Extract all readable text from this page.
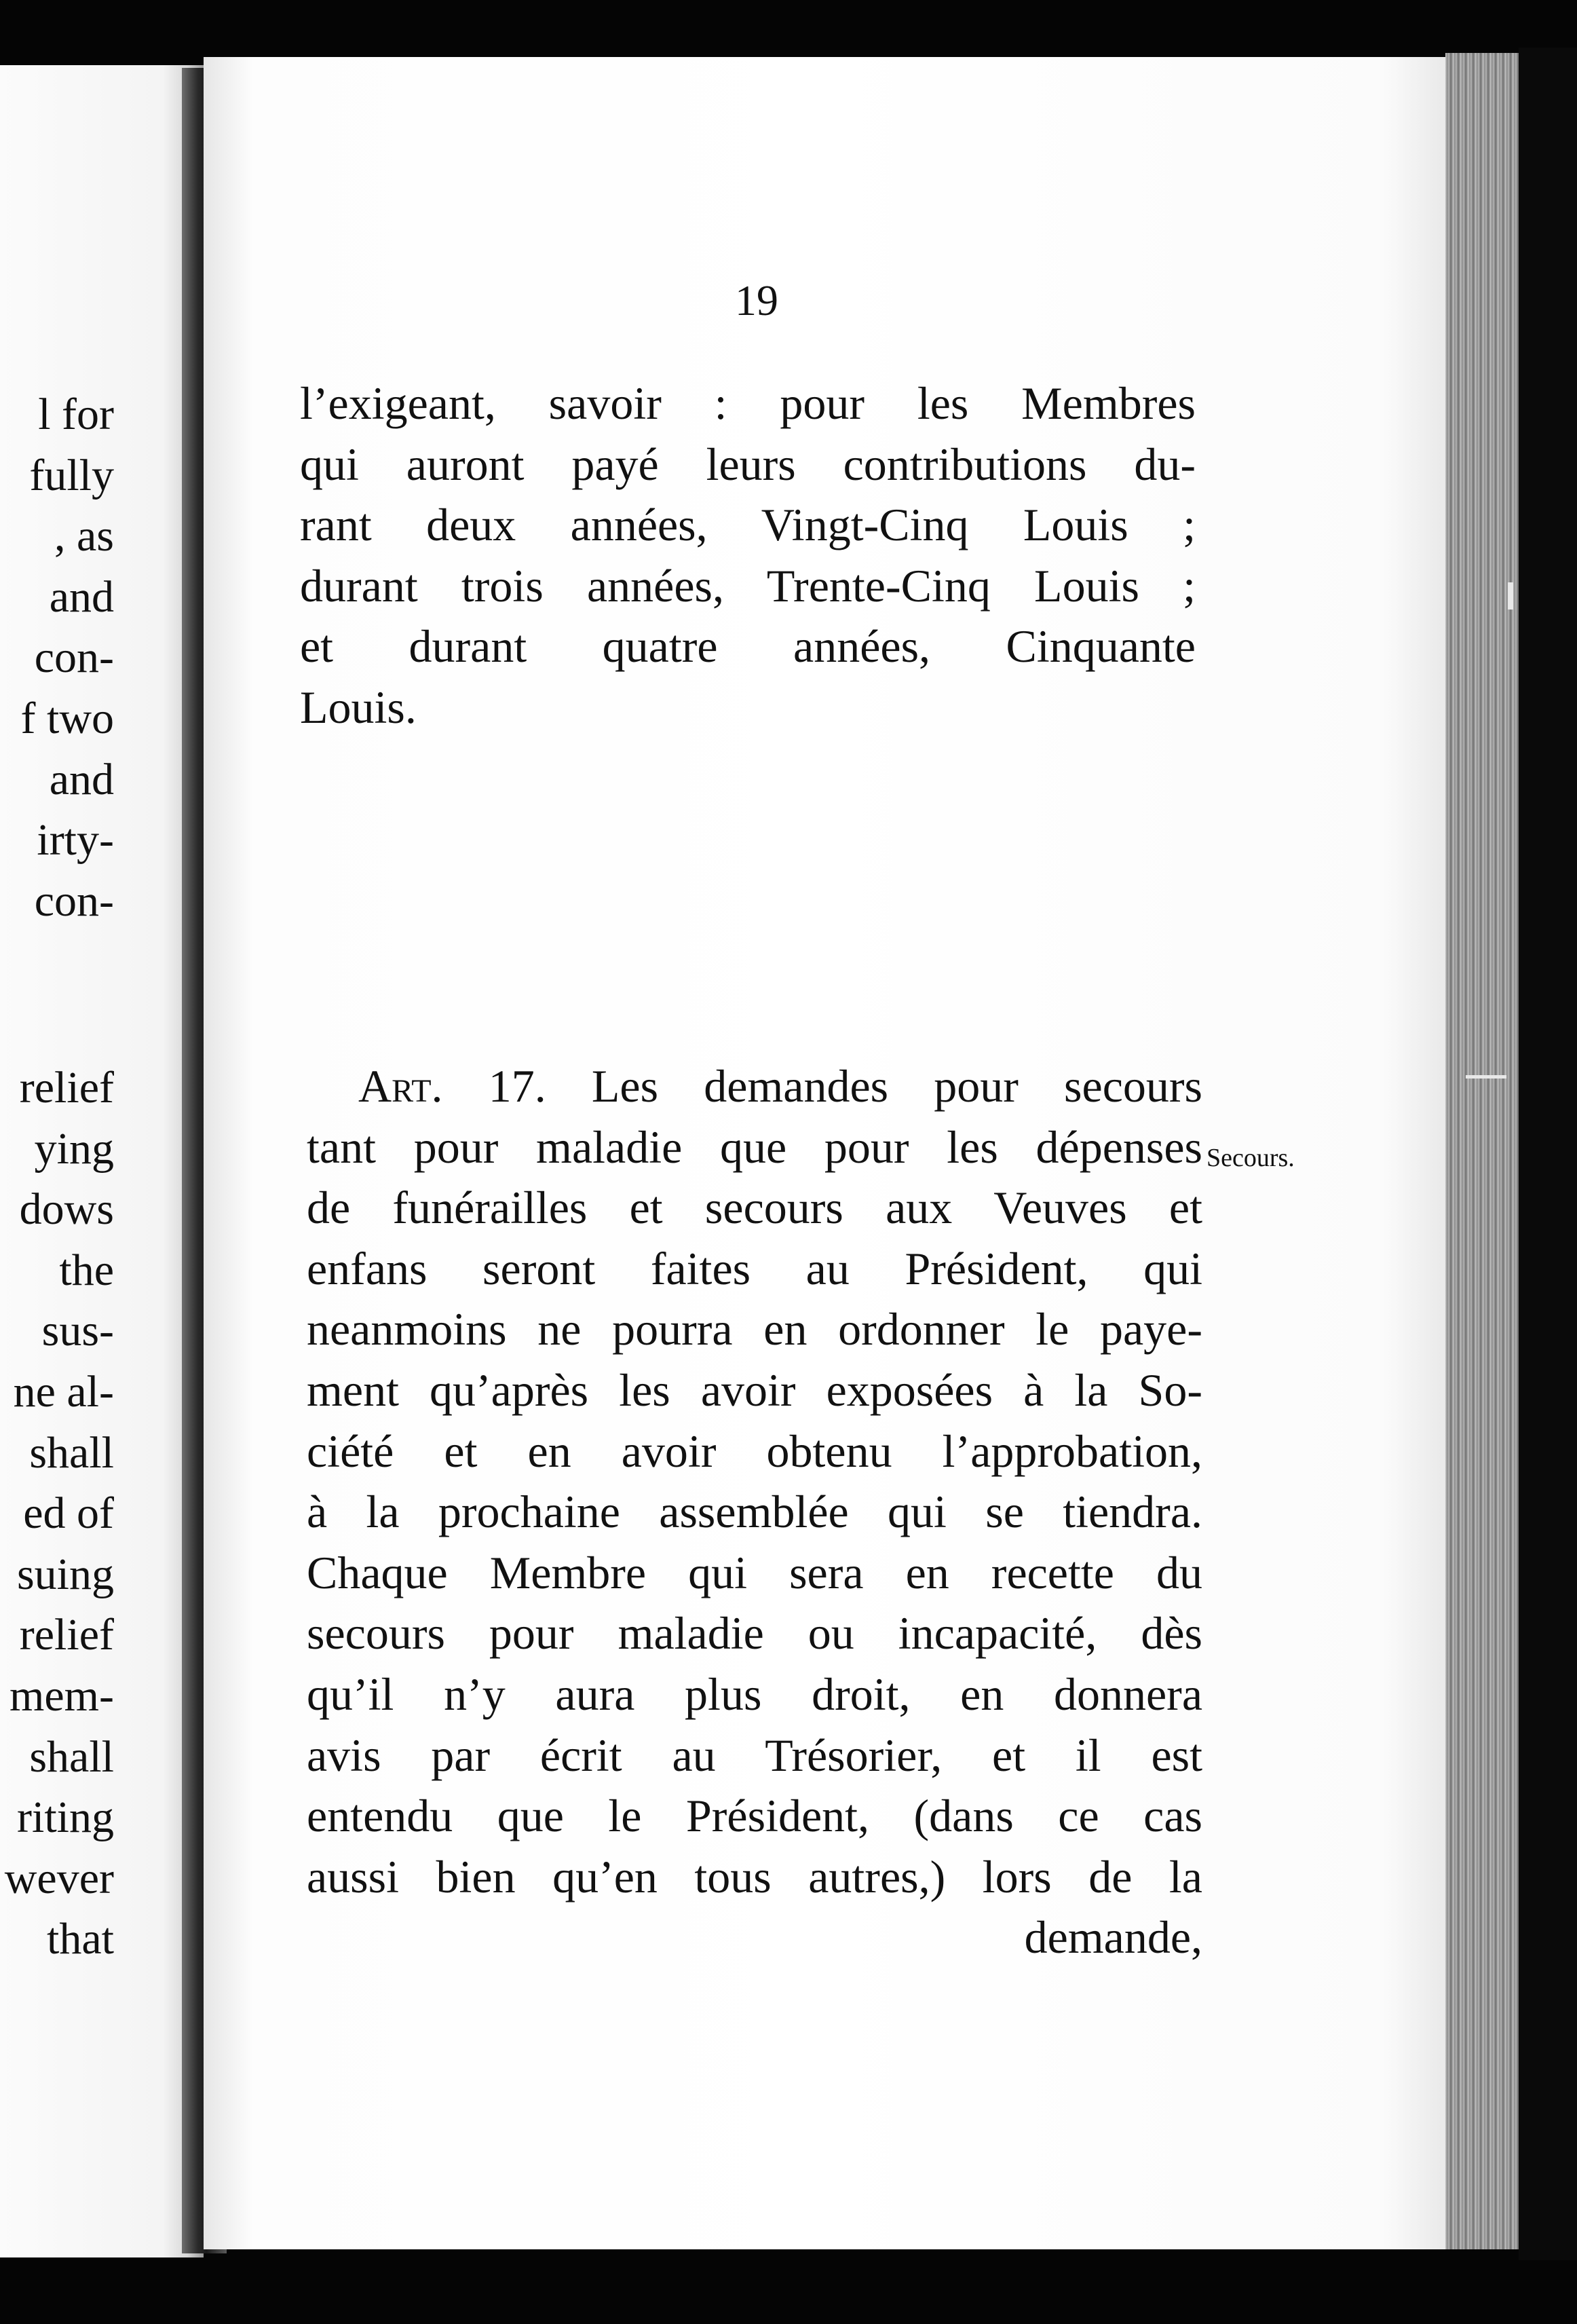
l for
fully
, as
and
con-
f two
and
irty-
con-
relief
ying
dows
the
sus-
ne al-
shall
ed of
suing
relief
mem-
shall
riting
wever
that
19
l’exigeant, savoir : pour les Membres
qui auront payé leurs contributions du-
rant deux années, Vingt-Cinq Louis ;
durant trois années, Trente-Cinq Louis ;
et durant quatre années, Cinquante
Louis.
Art. 17. Les demandes pour secours
tant pour maladie que pour les dépenses
de funérailles et secours aux Veuves et
enfans seront faites au Président, qui
neanmoins ne pourra en ordonner le paye-
ment qu’après les avoir exposées à la So-
ciété et en avoir obtenu l’approbation,
à la prochaine assemblée qui se tiendra.
Chaque Membre qui sera en recette du
secours pour maladie ou incapacité, dès
qu’il n’y aura plus droit, en donnera
avis par écrit au Trésorier, et il est
entendu que le Président, (dans ce cas
aussi bien qu’en tous autres,) lors de la
demande,
Secours.
